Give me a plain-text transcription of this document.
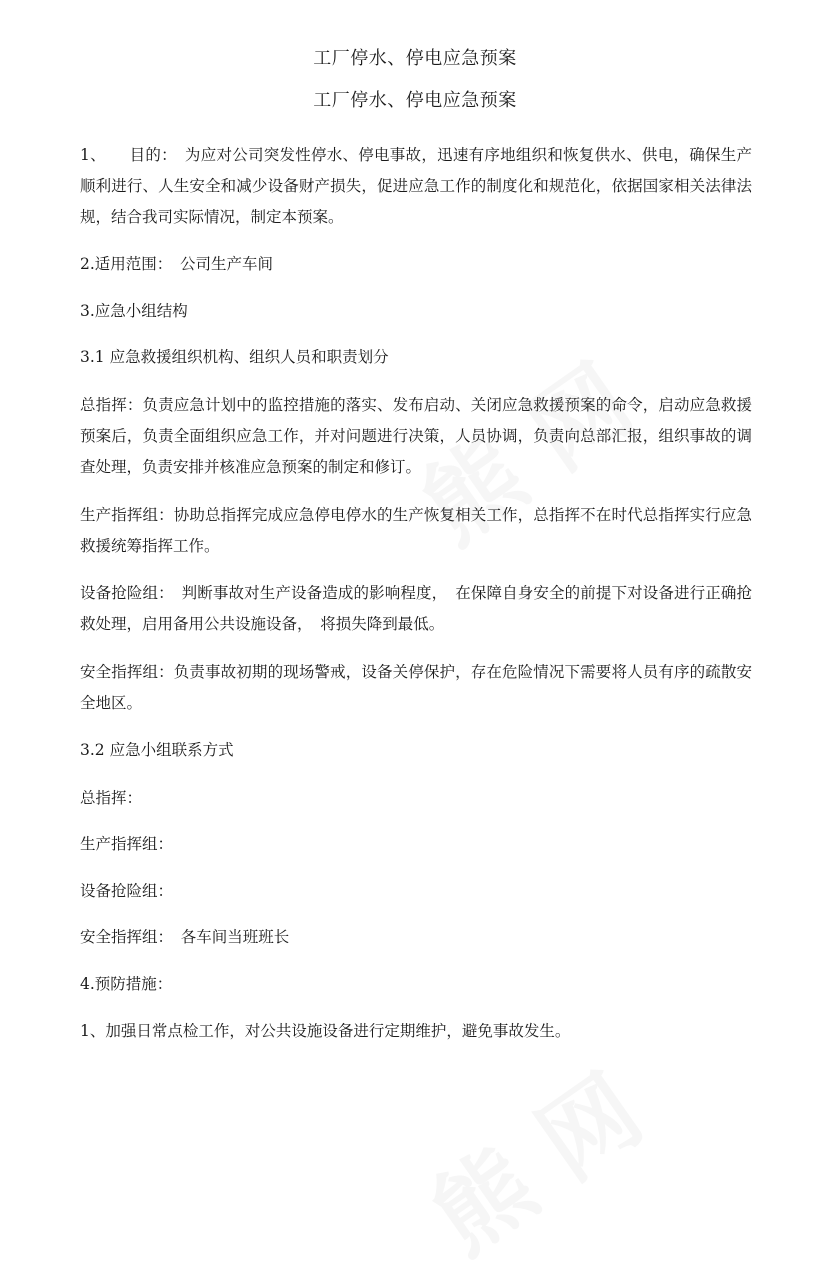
工厂停水、停电应急预案
工厂停水、停电应急预案
1、　　目的：　为应对公司突发性停水、停电事故，迅速有序地组织和恢复供水、供电，确保生产顺利进行、人生安全和减少设备财产损失，促进应急工作的制度化和规范化，依据国家相关法律法规，结合我司实际情况，制定本预案。
2.适用范围：　公司生产车间
3.应急小组结构
3.1 应急救援组织机构、组织人员和职责划分
总指挥：负责应急计划中的监控措施的落实、发布启动、关闭应急救援预案的命令，启动应急救援预案后，负责全面组织应急工作，并对问题进行决策，人员协调，负责向总部汇报，组织事故的调查处理，负责安排并核准应急预案的制定和修订。
生产指挥组：协助总指挥完成应急停电停水的生产恢复相关工作，总指挥不在时代总指挥实行应急救援统筹指挥工作。
设备抢险组：　判断事故对生产设备造成的影响程度，　在保障自身安全的前提下对设备进行正确抢救处理，启用备用公共设施设备，　将损失降到最低。
安全指挥组：负责事故初期的现场警戒，设备关停保护，存在危险情况下需要将人员有序的疏散安全地区。
3.2 应急小组联系方式
总指挥：
生产指挥组：
设备抢险组：
安全指挥组：　各车间当班班长
4.预防措施：
1、加强日常点检工作，对公共设施设备进行定期维护，避免事故发生。
